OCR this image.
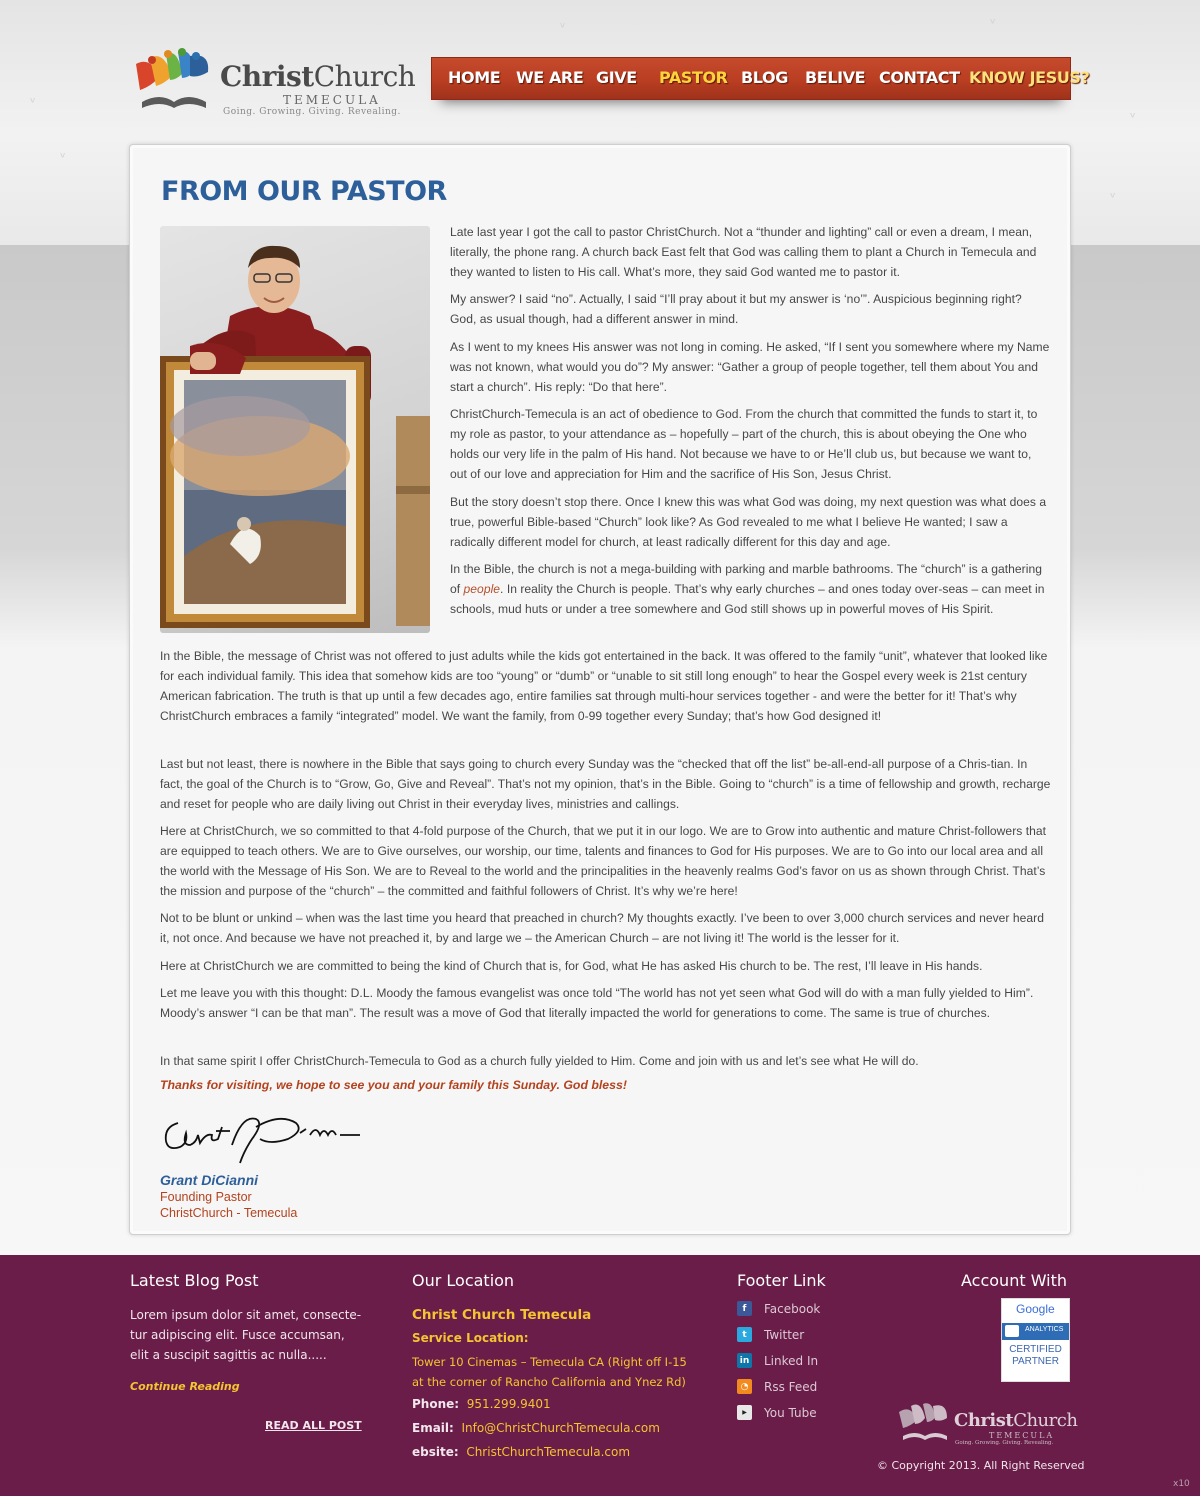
ᵛ	ᵛ
ᵛ
ᵛ
ᵛ
ᵛ
ChristChurch
TEMECULA
Going. Growing. Giving. Revealing.
HOME WE ARE GIVE PASTOR BLOG BELIVE CONTACT KNOW JESUS?
FROM OUR PASTOR
Late last year I got the call to pastor ChristChurch. Not a “thunder and lighting” call or even a dream, I mean, literally, the phone rang. A church back East felt that God was calling them to plant a Church in Temecula and they wanted to listen to His call. What’s more, they said God wanted me to pastor it.
My answer? I said “no”. Actually, I said “I’ll pray about it but my answer is ‘no’”. Auspicious beginning right? God, as usual though, had a different answer in mind.
As I went to my knees His answer was not long in coming. He asked, “If I sent you somewhere where my Name was not known, what would you do”? My answer: “Gather a group of people together, tell them about You and start a church”. His reply: “Do that here”.
ChristChurch-Temecula is an act of obedience to God. From the church that committed the funds to start it, to my role as pastor, to your attendance as – hopefully – part of the church, this is about obeying the One who holds our very life in the palm of His hand. Not because we have to or He’ll club us, but because we want to, out of our love and appreciation for Him and the sacrifice of His Son, Jesus Christ.
But the story doesn’t stop there. Once I knew this was what God was doing, my next question was what does a true, powerful Bible-based “Church” look like? As God revealed to me what I believe He wanted; I saw a radically different model for church, at least radically different for this day and age.
In the Bible, the church is not a mega-building with parking and marble bathrooms. The “church” is a gathering of people. In reality the Church is people. That’s why early churches – and ones today over-seas – can meet in schools, mud huts or under a tree somewhere and God still shows up in powerful moves of His Spirit.
In the Bible, the message of Christ was not offered to just adults while the kids got entertained in the back. It was offered to the family “unit”, whatever that looked like for each individual family. This idea that somehow kids are too “young” or “dumb” or “unable to sit still long enough” to hear the Gospel every week is 21st century American fabrication. The truth is that up until a few decades ago, entire families sat through multi-hour services together - and were the better for it! That’s why ChristChurch embraces a family “integrated” model. We want the family, from 0-99 together every Sunday; that’s how God designed it!
Last but not least, there is nowhere in the Bible that says going to church every Sunday was the “checked that off the list” be-all-end-all purpose of a Chris-tian. In fact, the goal of the Church is to “Grow, Go, Give and Reveal”. That’s not my opinion, that’s in the Bible. Going to “church” is a time of fellowship and growth, recharge and reset for people who are daily living out Christ in their everyday lives, ministries and callings.
Here at ChristChurch, we so committed to that 4-fold purpose of the Church, that we put it in our logo. We are to Grow into authentic and mature Christ-followers that are equipped to teach others. We are to Give ourselves, our worship, our time, talents and finances to God for His purposes. We are to Go into our local area and all the world with the Message of His Son. We are to Reveal to the world and the principalities in the heavenly realms God’s favor on us as shown through Christ. That’s the mission and purpose of the “church” – the committed and faithful followers of Christ. It’s why we’re here!
Not to be blunt or unkind – when was the last time you heard that preached in church? My thoughts exactly. I’ve been to over 3,000 church services and never heard it, not once. And because we have not preached it, by and large we – the American Church – are not living it! The world is the lesser for it.
Here at ChristChurch we are committed to being the kind of Church that is, for God, what He has asked His church to be. The rest, I’ll leave in His hands.
Let me leave you with this thought: D.L. Moody the famous evangelist was once told “The world has not yet seen what God will do with a man fully yielded to Him”. Moody’s answer “I can be that man”. The result was a move of God that literally impacted the world for generations to come. The same is true of churches.
In that same spirit I offer ChristChurch-Temecula to God as a church fully yielded to Him. Come and join with us and let’s see what He will do.
Thanks for visiting, we hope to see you and your family this Sunday. God bless!
Grant DiCianni
Founding Pastor
ChristChurch - Temecula
Latest Blog Post
Lorem ipsum dolor sit amet, consecte-tur adipiscing elit. Fusce accumsan, elit a suscipit sagittis ac nulla.....
Continue Reading
READ ALL POST
Our Location
Christ Church Temecula
Service Location:
Tower 10 Cinemas – Temecula CA (Right off I-15 at the corner of Rancho California and Ynez Rd)
Phone: 951.299.9401
Email: Info@ChristChurchTemecula.com
ebsite: ChristChurchTemecula.com
Footer Link
f	Facebook
t	Twitter
in Linked In
◔ Rss Feed
▶	You Tube
Account With
Google
ANALYTICS
CERTIFIED
PARTNER
ChristChurch
TEMECULA
Going. Growing. Giving. Revealing.
© Copyright 2013. All Right Reserved
x10
